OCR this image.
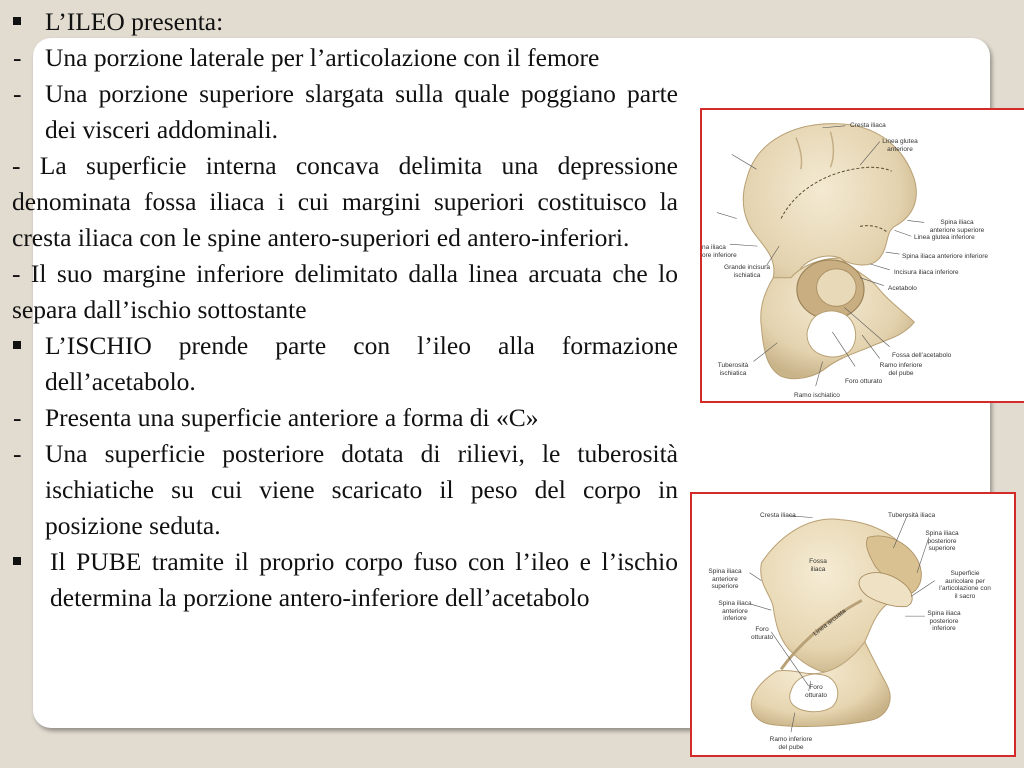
L’ILEO presenta:

- Una porzione laterale per l’articolazione con il femore

- Una porzione superiore slargata sulla quale poggiano parte dei visceri addominali.

- La superficie interna concava delimita una depressione denominata fossa iliaca i cui margini superiori costituisco la cresta iliaca con le spine antero-superiori ed antero-inferiori.

- Il suo margine inferiore delimitato dalla linea arcuata che lo separa dall’ischio sottostante

L’ISCHIO prende parte con l’ileo alla formazione dell’acetabolo.

- Presenta una superficie anteriore a forma di «C»

- Una superficie posteriore dotata di rilievi, le tuberosità ischiatiche su cui viene scaricato il peso del corpo in posizione seduta.

Il PUBE tramite il proprio corpo fuso con l’ileo e l’ischio determina la porzione antero-inferiore dell’acetabolo

Cresta iliaca
Linea glutea anteriore
Spina iliaca anteriore superiore
Linea glutea inferiore
Spina iliaca anteriore inferiore
Incisura iliaca inferiore
Acetabolo
Fossa dell’acetabolo
Ramo inferiore del pube
Foro otturato
Ramo ischiatico
Tuberosità ischiatica
Grande incisura ischiatica
na iliaca
ore inferiore
Cresta iliaca	Tuberosità iliaca
Spina iliaca posteriore superiore
Fossa iliaca
Spina iliaca anteriore superiore
Superficie auricolare per l’articolazione con il sacro
Spina iliaca anteriore inferiore
Spina iliaca posteriore inferiore
Foro otturato	Linea arcuata
Foro otturato
Ramo inferiore del pube
